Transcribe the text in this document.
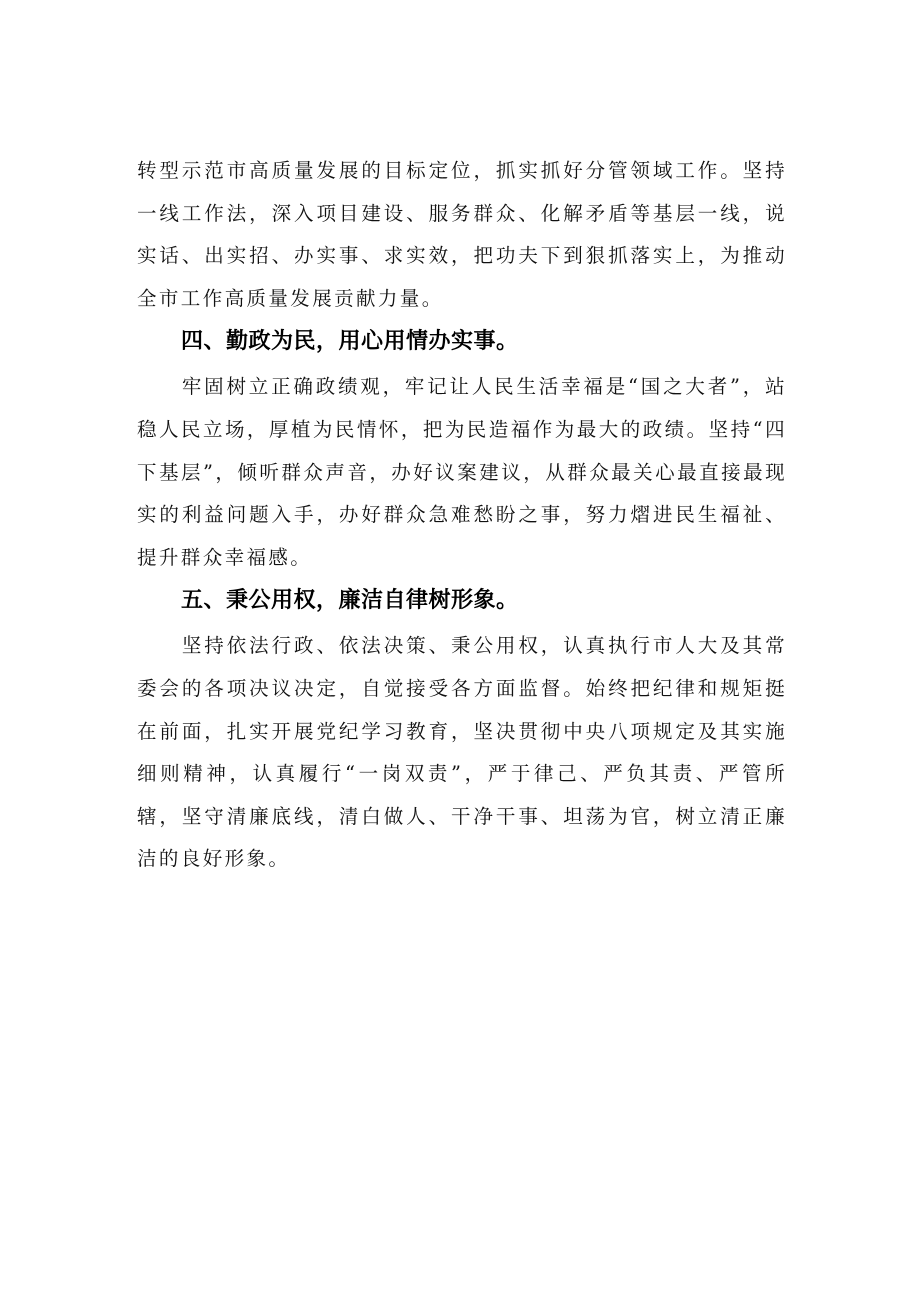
转型示范市高质量发展的目标定位，抓实抓好分管领域工作。坚持一线工作法，深入项目建设、服务群众、化解矛盾等基层一线，说实话、出实招、办实事、求实效，把功夫下到狠抓落实上，为推动全市工作高质量发展贡献力量。

四、勤政为民，用心用情办实事。

牢固树立正确政绩观，牢记让人民生活幸福是“国之大者”，站稳人民立场，厚植为民情怀，把为民造福作为最大的政绩。坚持“四下基层”，倾听群众声音，办好议案建议，从群众最关心最直接最现实的利益问题入手，办好群众急难愁盼之事，努力熠进民生福祉、提升群众幸福感。

五、秉公用权，廉洁自律树形象。

坚持依法行政、依法决策、秉公用权，认真执行市人大及其常委会的各项决议决定，自觉接受各方面监督。始终把纪律和规矩挺在前面，扎实开展党纪学习教育，坚决贯彻中央八项规定及其实施细则精神，认真履行“一岗双责”，严于律己、严负其责、严管所辖，坚守清廉底线，清白做人、干净干事、坦荡为官，树立清正廉洁的良好形象。
